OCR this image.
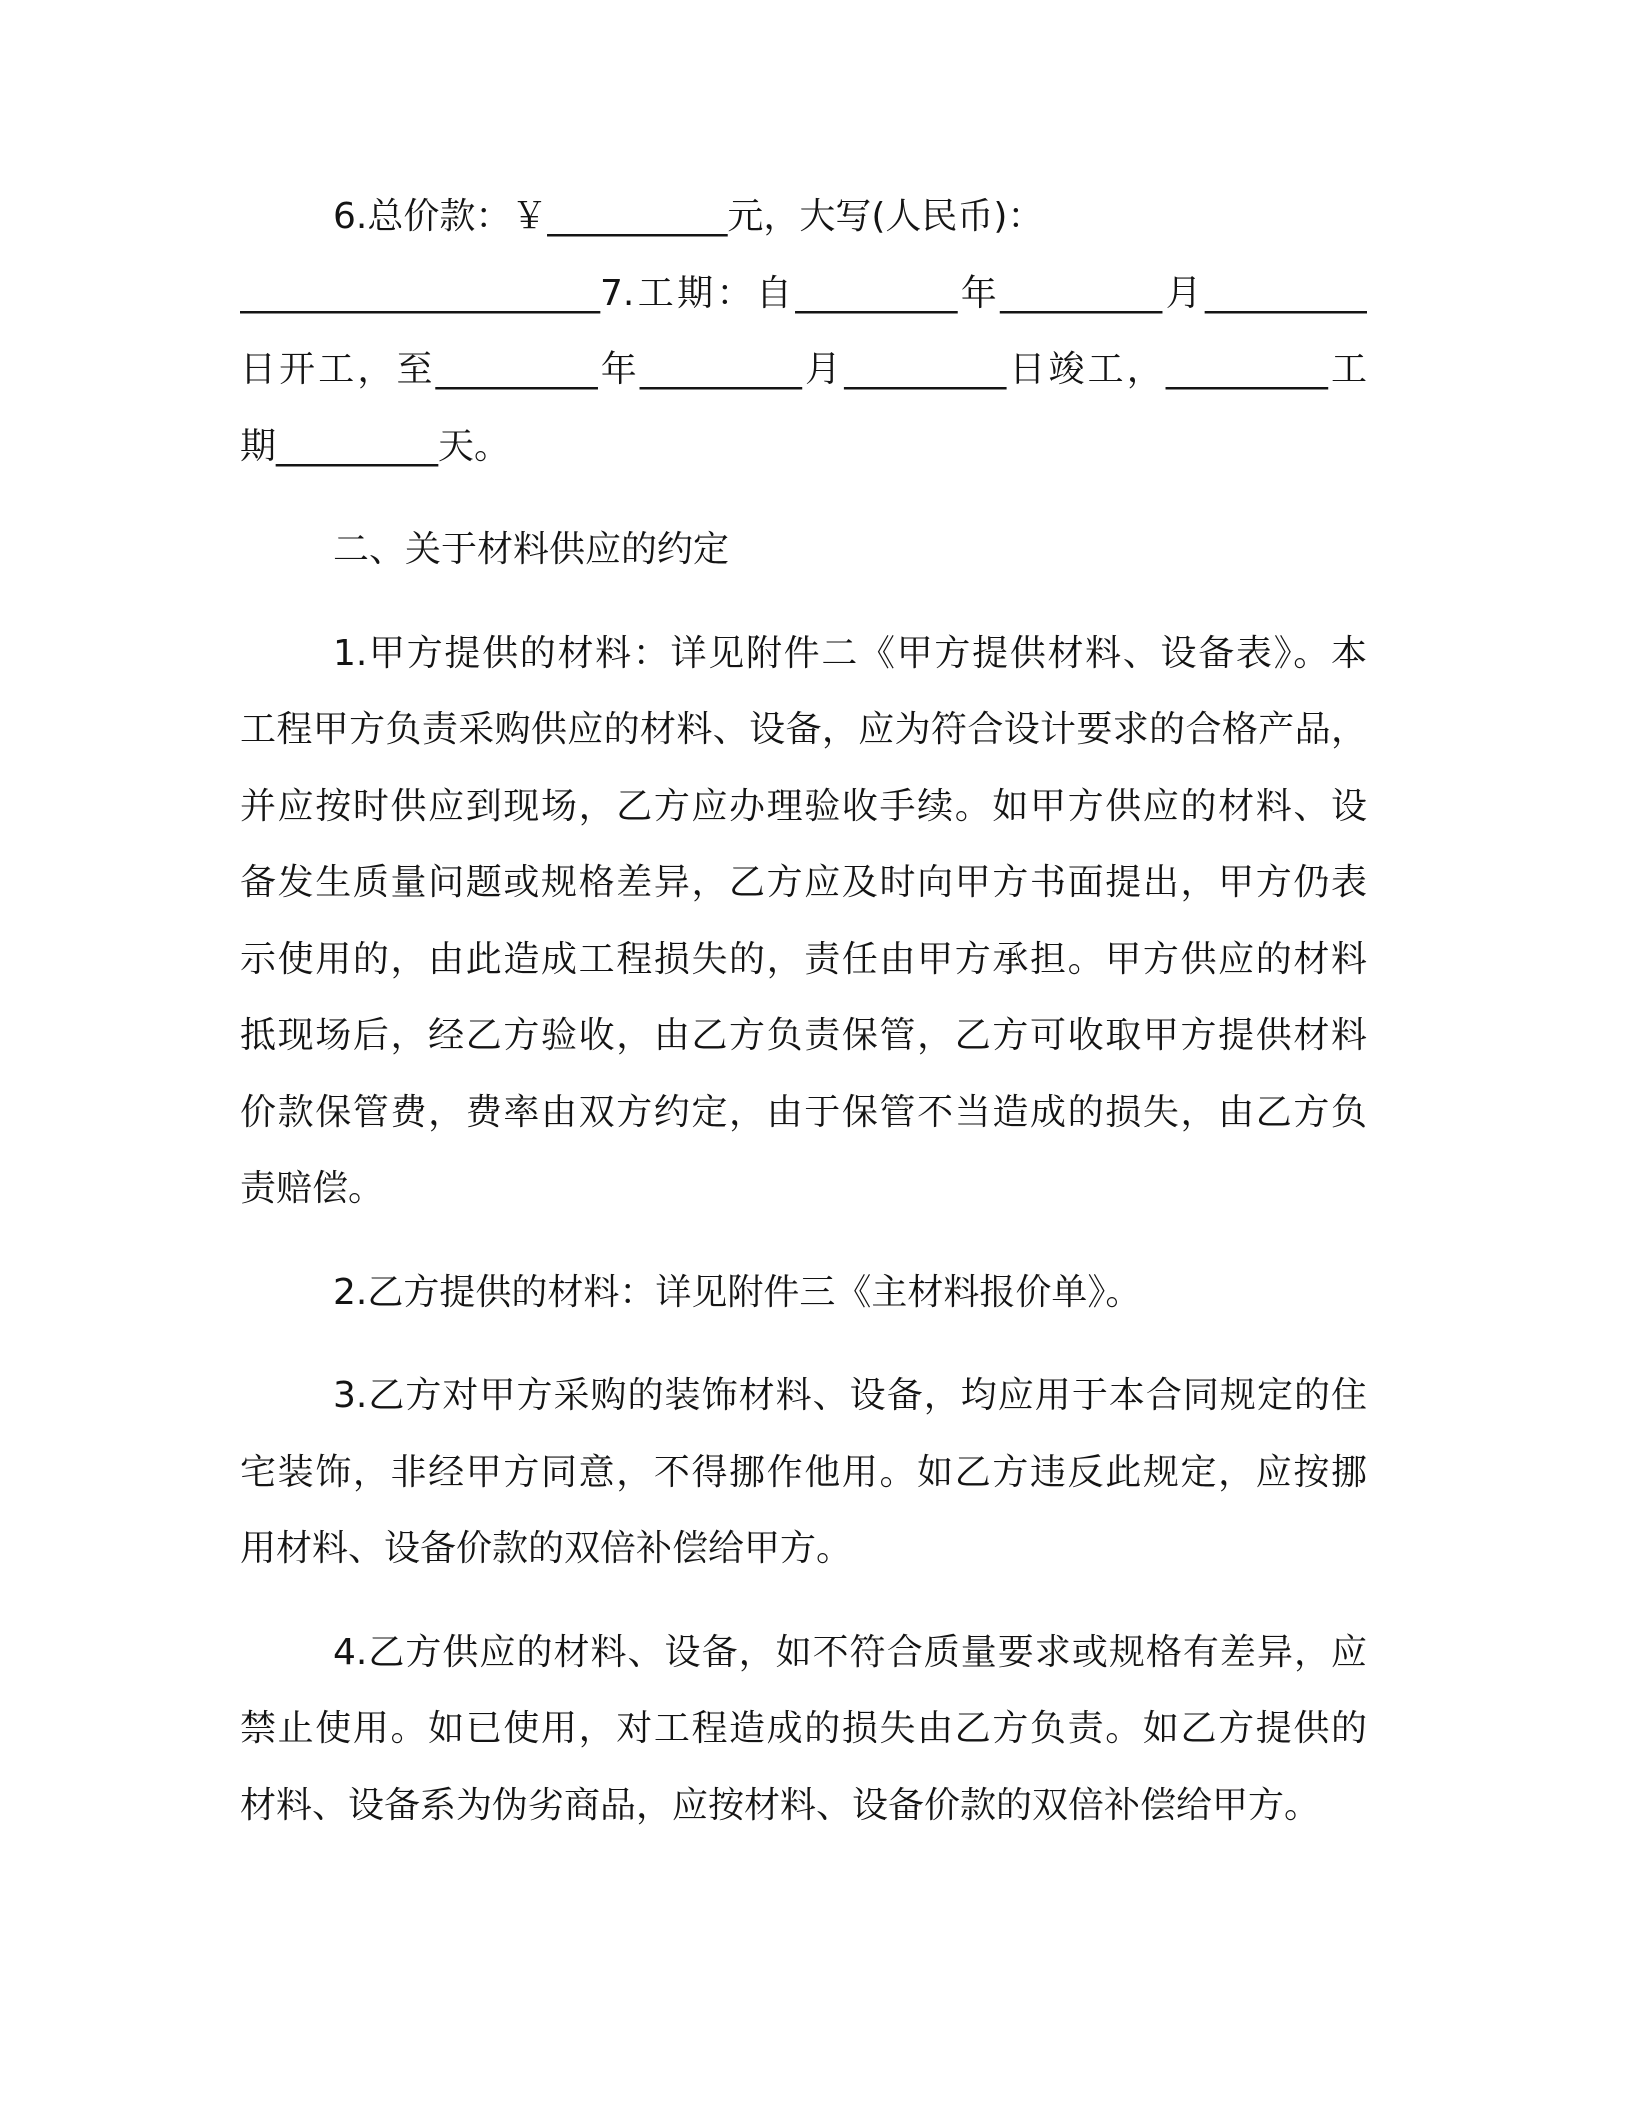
6.总价款：￥__________元，大写(人民币)：
____________________7.工期：自_________年_________月_________
日开工，至_________年_________月_________日竣工，_________工
期_________天。
二、关于材料供应的约定
1.甲方提供的材料：详见附件二《甲方提供材料、设备表》。本
工程甲方负责采购供应的材料、设备，应为符合设计要求的合格产品，
并应按时供应到现场，乙方应办理验收手续。如甲方供应的材料、设
备发生质量问题或规格差异，乙方应及时向甲方书面提出，甲方仍表
示使用的，由此造成工程损失的，责任由甲方承担。甲方供应的材料
抵现场后，经乙方验收，由乙方负责保管，乙方可收取甲方提供材料
价款保管费，费率由双方约定，由于保管不当造成的损失，由乙方负
责赔偿。
2.乙方提供的材料：详见附件三《主材料报价单》。
3.乙方对甲方采购的装饰材料、设备，均应用于本合同规定的住
宅装饰，非经甲方同意，不得挪作他用。如乙方违反此规定，应按挪
用材料、设备价款的双倍补偿给甲方。
4.乙方供应的材料、设备，如不符合质量要求或规格有差异，应
禁止使用。如已使用，对工程造成的损失由乙方负责。如乙方提供的
材料、设备系为伪劣商品，应按材料、设备价款的双倍补偿给甲方。
